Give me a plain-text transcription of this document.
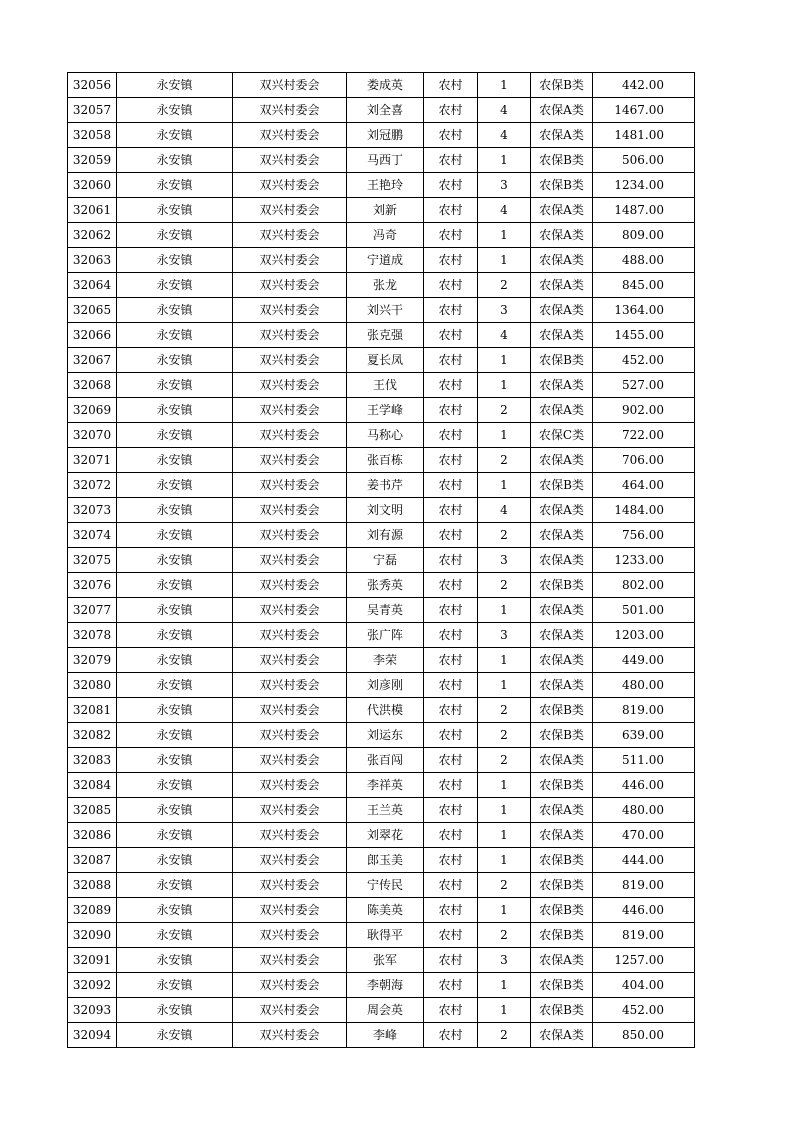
32056	永安镇	双兴村委会	娄成英	农村	1	农保B类	442.00
32057	永安镇	双兴村委会	刘全喜	农村	4	农保A类	1467.00
32058	永安镇	双兴村委会	刘冠鹏	农村	4	农保A类	1481.00
32059	永安镇	双兴村委会	马西丁	农村	1	农保B类	506.00
32060	永安镇	双兴村委会	王艳玲	农村	3	农保B类	1234.00
32061	永安镇	双兴村委会	刘新	农村	4	农保A类	1487.00
32062	永安镇	双兴村委会	冯奇	农村	1	农保A类	809.00
32063	永安镇	双兴村委会	宁道成	农村	1	农保A类	488.00
32064	永安镇	双兴村委会	张龙	农村	2	农保A类	845.00
32065	永安镇	双兴村委会	刘兴干	农村	3	农保A类	1364.00
32066	永安镇	双兴村委会	张克强	农村	4	农保A类	1455.00
32067	永安镇	双兴村委会	夏长凤	农村	1	农保B类	452.00
32068	永安镇	双兴村委会	王伐	农村	1	农保A类	527.00
32069	永安镇	双兴村委会	王学峰	农村	2	农保A类	902.00
32070	永安镇	双兴村委会	马称心	农村	1	农保C类	722.00
32071	永安镇	双兴村委会	张百栋	农村	2	农保A类	706.00
32072	永安镇	双兴村委会	姜书芹	农村	1	农保B类	464.00
32073	永安镇	双兴村委会	刘文明	农村	4	农保A类	1484.00
32074	永安镇	双兴村委会	刘有源	农村	2	农保A类	756.00
32075	永安镇	双兴村委会	宁磊	农村	3	农保A类	1233.00
32076	永安镇	双兴村委会	张秀英	农村	2	农保B类	802.00
32077	永安镇	双兴村委会	吴青英	农村	1	农保A类	501.00
32078	永安镇	双兴村委会	张广阵	农村	3	农保A类	1203.00
32079	永安镇	双兴村委会	李荣	农村	1	农保A类	449.00
32080	永安镇	双兴村委会	刘彦刚	农村	1	农保A类	480.00
32081	永安镇	双兴村委会	代洪模	农村	2	农保B类	819.00
32082	永安镇	双兴村委会	刘运东	农村	2	农保B类	639.00
32083	永安镇	双兴村委会	张百闯	农村	2	农保A类	511.00
32084	永安镇	双兴村委会	李祥英	农村	1	农保B类	446.00
32085	永安镇	双兴村委会	王兰英	农村	1	农保A类	480.00
32086	永安镇	双兴村委会	刘翠花	农村	1	农保A类	470.00
32087	永安镇	双兴村委会	郎玉美	农村	1	农保B类	444.00
32088	永安镇	双兴村委会	宁传民	农村	2	农保B类	819.00
32089	永安镇	双兴村委会	陈美英	农村	1	农保B类	446.00
32090	永安镇	双兴村委会	耿得平	农村	2	农保B类	819.00
32091	永安镇	双兴村委会	张军	农村	3	农保A类	1257.00
32092	永安镇	双兴村委会	李朝海	农村	1	农保B类	404.00
32093	永安镇	双兴村委会	周会英	农村	1	农保B类	452.00
32094	永安镇	双兴村委会	李峰	农村	2	农保A类	850.00
